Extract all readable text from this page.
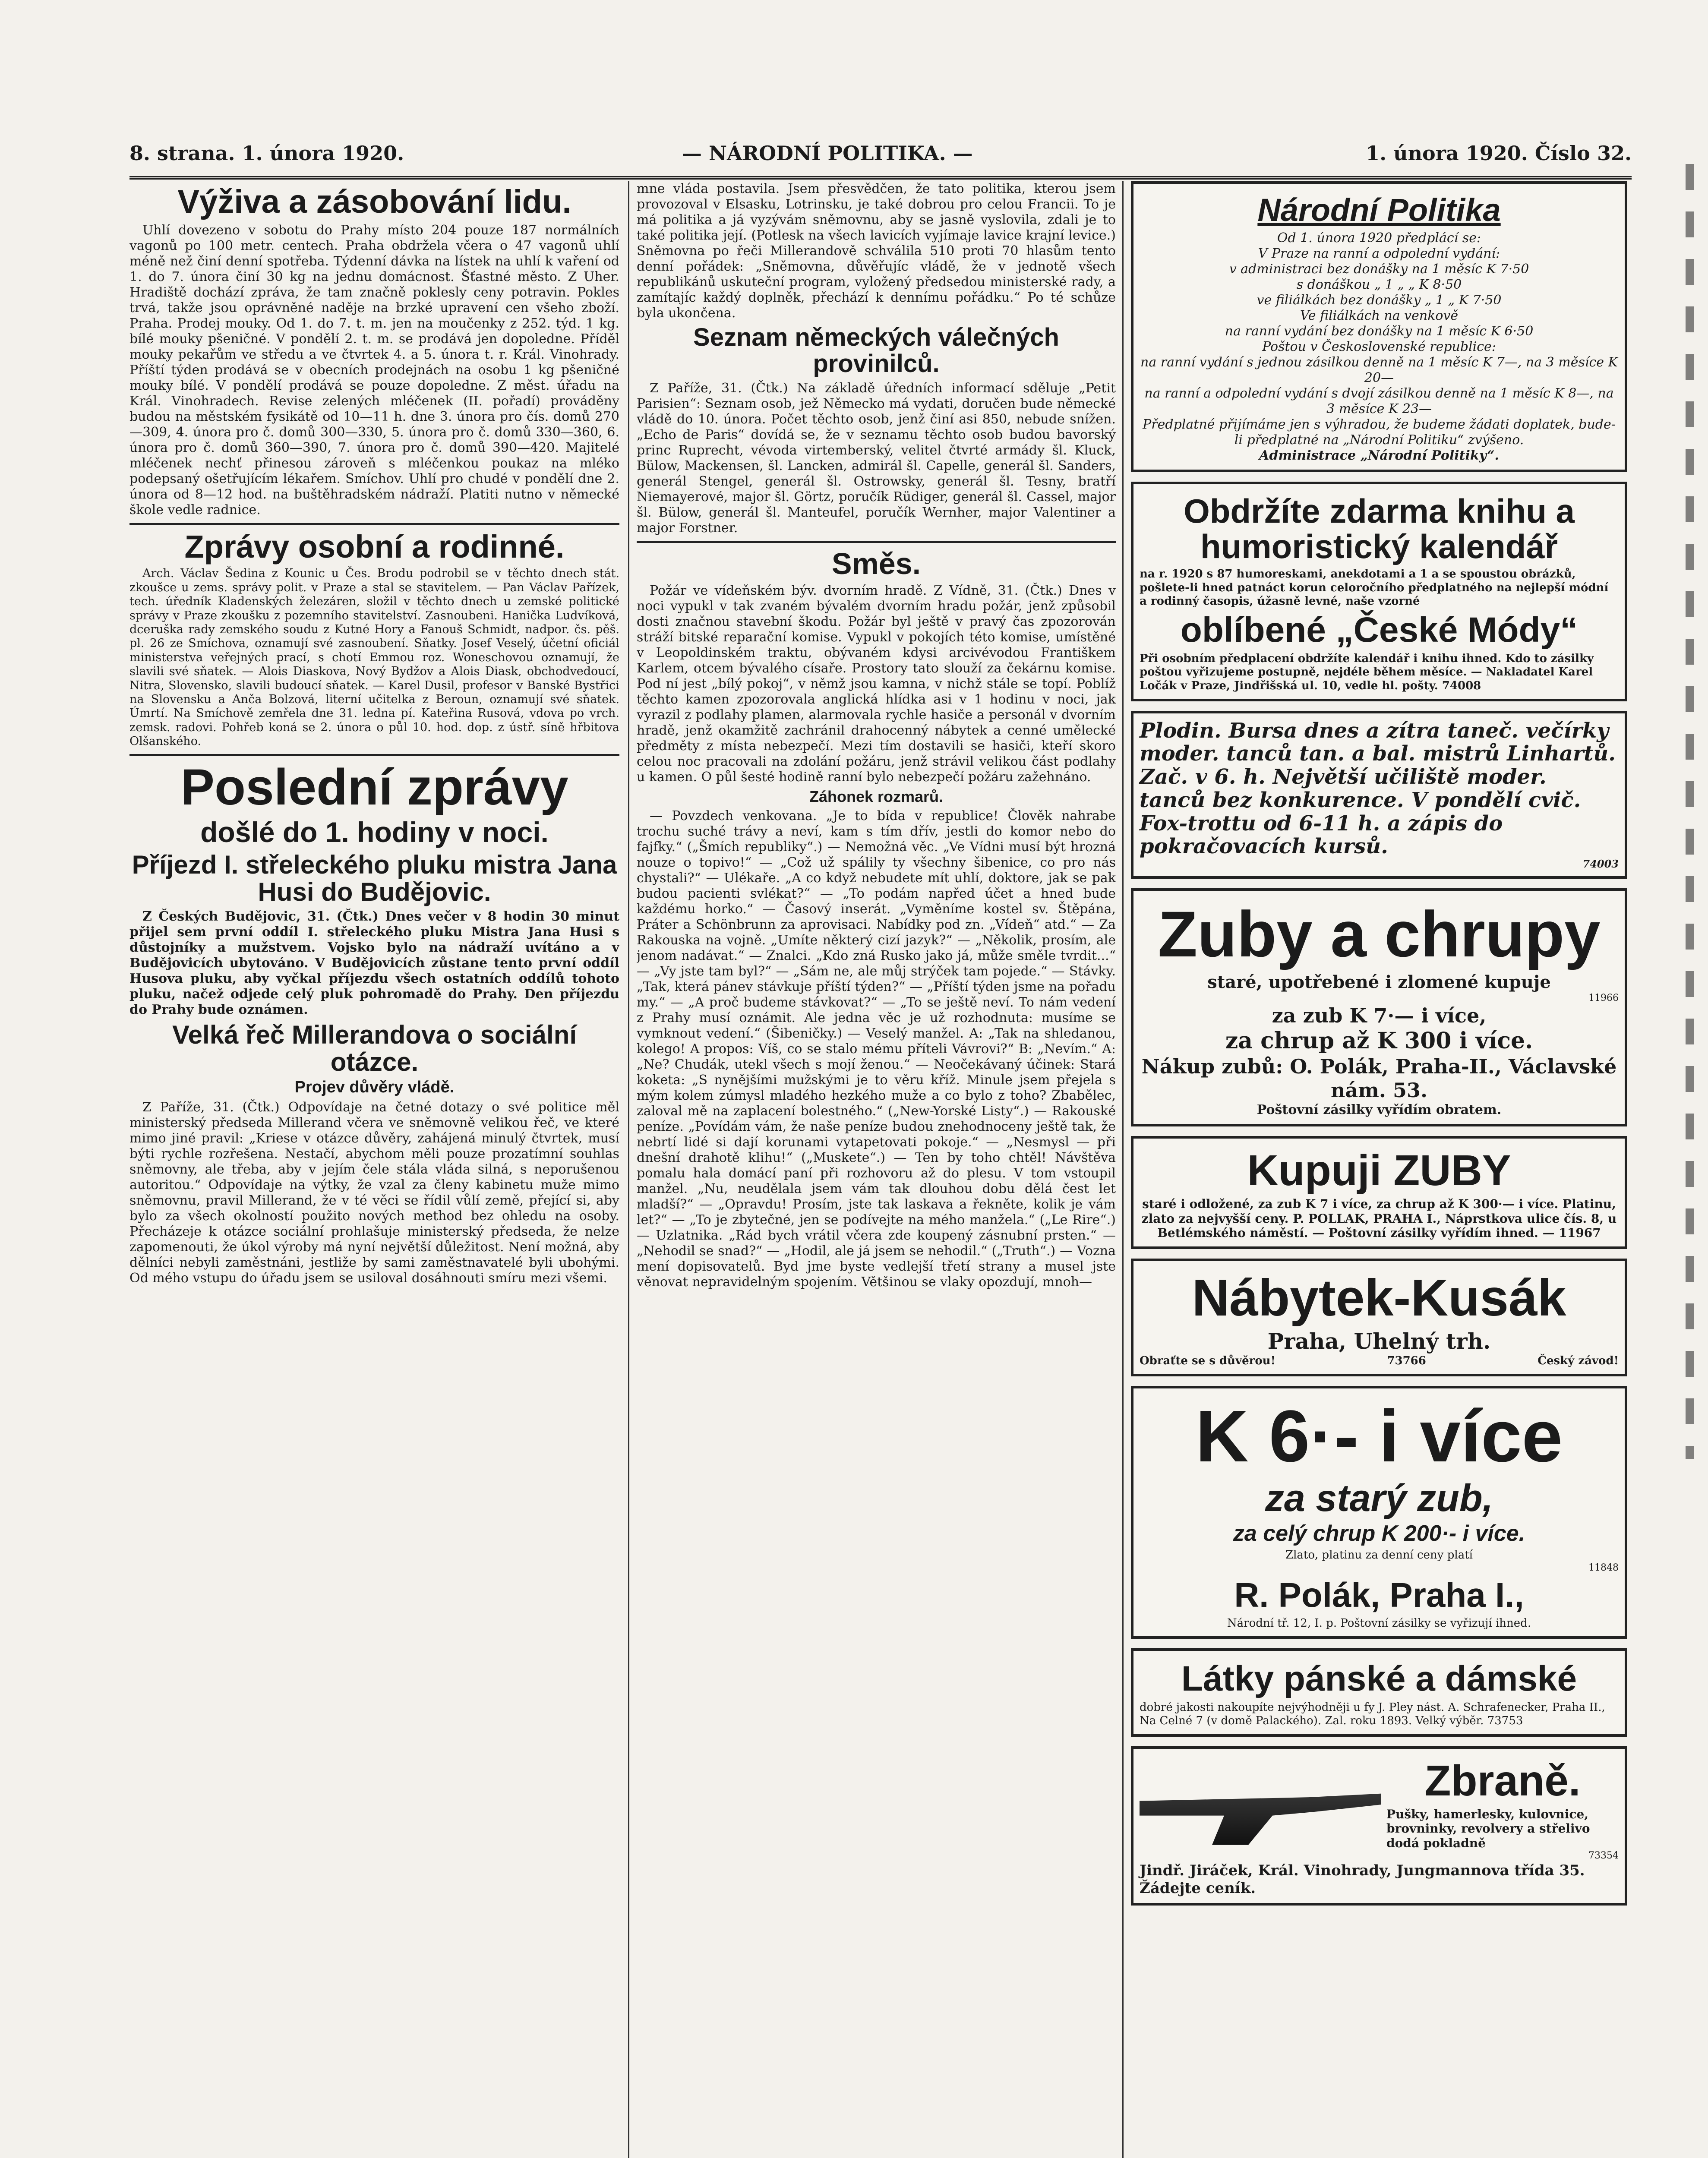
8. strana. 1. února 1920.	— NÁRODNÍ POLITIKA. —	1. února 1920. Číslo 32.
Výživa a zásobování lidu.

Uhlí dovezeno v sobotu do Prahy místo 204 pouze 187 normálních vagonů po 100 metr. centech. Praha obdržela včera o 47 vagonů uhlí méně než činí denní spotřeba. Týdenní dávka na lístek na uhlí k vaření od 1. do 7. února činí 30 kg na jednu domácnost. Šťastné město. Z Uher. Hradiště dochází zpráva, že tam značně poklesly ceny potravin. Pokles trvá, takže jsou oprávněné naděje na brzké upravení cen všeho zboží. Praha. Prodej mouky. Od 1. do 7. t. m. jen na moučenky z 252. týd. 1 kg. bílé mouky pšeničné. V pondělí 2. t. m. se prodává jen dopoledne. Příděl mouky pekařům ve středu a ve čtvrtek 4. a 5. února t. r. Král. Vinohrady. Příští týden prodává se v obecních prodejnách na osobu 1 kg pšeničné mouky bílé. V pondělí prodává se pouze dopoledne. Z měst. úřadu na Král. Vinohradech. Revise zelených mléčenek (II. pořadí) prováděny budou na městském fysikátě od 10—11 h. dne 3. února pro čís. domů 270—309, 4. února pro č. domů 300—330, 5. února pro č. domů 330—360, 6. února pro č. domů 360—390, 7. února pro č. domů 390—420. Majitelé mléčenek nechť přinesou zároveň s mléčenkou poukaz na mléko podepsaný ošetřujícím lékařem. Smíchov. Uhlí pro chudé v pondělí dne 2. února od 8—12 hod. na buštěhradském nádraží. Platiti nutno v německé škole vedle radnice.

Zprávy osobní a rodinné.

Arch. Václav Šedina z Kounic u Čes. Brodu podrobil se v těchto dnech stát. zkoušce u zems. správy polit. v Praze a stal se stavitelem. — Pan Václav Pařízek, tech. úředník Kladenských železáren, složil v těchto dnech u zemské politické správy v Praze zkoušku z pozemního stavitelství. Zasnoubeni. Hanička Ludvíková, dceruška rady zemského soudu z Kutné Hory a Fanouš Schmidt, nadpor. čs. pěš. pl. 26 ze Smíchova, oznamují své zasnoubení. Sňatky. Josef Veselý, účetní oficiál ministerstva veřejných prací, s chotí Emmou roz. Woneschovou oznamují, že slavili své sňatek. — Alois Diaskova, Nový Bydžov a Alois Diask, obchodvedoucí, Nitra, Slovensko, slavili budoucí sňatek. — Karel Dusil, profesor v Banské Bystřici na Slovensku a Anča Bolzová, literní učitelka z Beroun, oznamují své sňatek. Úmrtí. Na Smíchově zemřela dne 31. ledna pí. Kateřina Rusová, vdova po vrch. zemsk. radovi. Pohřeb koná se 2. února o půl 10. hod. dop. z ústř. síně hřbitova Olšanského.

Poslední zprávy
došlé do 1. hodiny v noci.
Příjezd I. střeleckého pluku mistra Jana Husi do Budějovic.

Z Českých Budějovic, 31. (Čtk.) Dnes večer v 8 hodin 30 minut přijel sem první oddíl I. střeleckého pluku Mistra Jana Husi s důstojníky a mužstvem. Vojsko bylo na nádraží uvítáno a v Budějovicích ubytováno. V Budějovicích zůstane tento první oddíl Husova pluku, aby vyčkal příjezdu všech ostatních oddílů tohoto pluku, načež odjede celý pluk pohromadě do Prahy. Den příjezdu do Prahy bude oznámen.

Velká řeč Millerandova o sociální otázce.
Projev důvěry vládě.

Z Paříže, 31. (Čtk.) Odpovídaje na četné dotazy o své politice měl ministerský předseda Millerand včera ve sněmovně velikou řeč, ve které mimo jiné pravil: „Kriese v otázce důvěry, zahájená minulý čtvrtek, musí býti rychle rozřešena. Nestačí, abychom měli pouze prozatímní souhlas sněmovny, ale třeba, aby v jejím čele stála vláda silná, s neporušenou autoritou.“ Odpovídaje na výtky, že vzal za členy kabinetu muže mimo sněmovnu, pravil Millerand, že v té věci se řídil vůlí země, přející si, aby bylo za všech okolností použito nových method bez ohledu na osoby. Přecházeje k otázce sociální prohlašuje ministerský předseda, že nelze zapomenouti, že úkol výroby má nyní největší důležitost. Není možná, aby dělníci nebyli zaměstnáni, jestliže by sami zaměstnavatelé byli ubohými. Od mého vstupu do úřadu jsem se usiloval dosáhnouti smíru mezi všemi.

mne vláda postavila. Jsem přesvědčen, že tato politika, kterou jsem provozoval v Elsasku, Lotrinsku, je také dobrou pro celou Francii. To je má politika a já vyzývám sněmovnu, aby se jasně vyslovila, zdali je to také politika její. (Potlesk na všech lavicích vyjímaje lavice krajní levice.) Sněmovna po řeči Millerandově schválila 510 proti 70 hlasům tento denní pořádek: „Sněmovna, důvěřujíc vládě, že v jednotě všech republikánů uskuteční program, vyložený předsedou ministerské rady, a zamítajíc každý doplněk, přechází k dennímu pořádku.“ Po té schůze byla ukončena.

Seznam německých válečných provinilců.

Z Paříže, 31. (Čtk.) Na základě úředních informací sděluje „Petit Parisien“: Seznam osob, jež Německo má vydati, doručen bude německé vládě do 10. února. Počet těchto osob, jenž činí asi 850, nebude snížen. „Echo de Paris“ dovídá se, že v seznamu těchto osob budou bavorský princ Ruprecht, vévoda virtemberský, velitel čtvrté armády šl. Kluck, Bülow, Mackensen, šl. Lancken, admirál šl. Capelle, generál šl. Sanders, generál Stengel, generál šl. Ostrowsky, generál šl. Tesny, bratří Niemayerové, major šl. Görtz, poručík Rüdiger, generál šl. Cassel, major šl. Bülow, generál šl. Manteufel, poručík Wernher, major Valentiner a major Forstner.

Směs.

Požár ve vídeňském býv. dvorním hradě. Z Vídně, 31. (Čtk.) Dnes v noci vypukl v tak zvaném bývalém dvorním hradu požár, jenž způsobil dosti značnou stavební škodu. Požár byl ještě v pravý čas zpozorován stráží bitské reparační komise. Vypukl v pokojích této komise, umístěné v Leopoldinském traktu, obývaném kdysi arcivévodou Františkem Karlem, otcem bývalého císaře. Prostory tato slouží za čekárnu komise. Pod ní jest „bílý pokoj“, v němž jsou kamna, v nichž stále se topí. Poblíž těchto kamen zpozorovala anglická hlídka asi v 1 hodinu v noci, jak vyrazil z podlahy plamen, alarmovala rychle hasiče a personál v dvorním hradě, jenž okamžitě zachránil drahocenný nábytek a cenné umělecké předměty z místa nebezpečí. Mezi tím dostavili se hasiči, kteří skoro celou noc pracovali na zdolání požáru, jenž strávil velikou část podlahy u kamen. O půl šesté hodině ranní bylo nebezpečí požáru zažehnáno.

Záhonek rozmarů.

— Povzdech venkovana. „Je to bída v republice! Člověk nahrabe trochu suché trávy a neví, kam s tím dřív, jestli do komor nebo do fajfky.“ („Šmích republiky“.) — Nemožná věc. „Ve Vídni musí být hrozná nouze o topivo!“ — „Což už spálily ty všechny šibenice, co pro nás chystali?“ — Ulékaře. „A co když nebudete mít uhlí, doktore, jak se pak budou pacienti svlékat?“ — „To podám napřed účet a hned bude každému horko.“ — Časový inserát. „Vyměníme kostel sv. Štěpána, Práter a Schönbrunn za aprovisaci. Nabídky pod zn. „Vídeň“ atd.“ — Za Rakouska na vojně. „Umíte některý cizí jazyk?“ — „Několik, prosím, ale jenom nadávat.“ — Znalci. „Kdo zná Rusko jako já, může směle tvrdit...“ — „Vy jste tam byl?“ — „Sám ne, ale můj strýček tam pojede.“ — Stávky. „Tak, která pánev stávkuje příští týden?“ — „Příští týden jsme na pořadu my.“ — „A proč budeme stávkovat?“ — „To se ještě neví. To nám vedení z Prahy musí oznámit. Ale jedna věc je už rozhodnuta: musíme se vymknout vedení.“ (Šibeničky.) — Veselý manžel. A: „Tak na shledanou, kolego! A propos: Víš, co se stalo mému příteli Vávrovi?“ B: „Nevím.“ A: „Ne? Chudák, utekl všech s mojí ženou.“ — Neočekávaný účinek: Stará koketa: „S nynějšími mužskými je to věru kříž. Minule jsem přejela s mým kolem zúmysl mladého hezkého muže a co bylo z toho? Zbabělec, zaloval mě na zaplacení bolestného.“ („New-Yorské Listy“.) — Rakouské peníze. „Povídám vám, že naše peníze budou znehodnoceny ještě tak, že nebrtí lidé si dají korunami vytapetovati pokoje.“ — „Nesmysl — při dnešní drahotě klihu!“ („Muskete“.) — Ten by toho chtěl! Návštěva pomalu hala domácí paní při rozhovoru až do plesu. V tom vstoupil manžel. „Nu, neudělala jsem vám tak dlouhou dobu dělá čest let mladší?“ — „Opravdu! Prosím, jste tak laskava a řekněte, kolik je vám let?“ — „To je zbytečné, jen se podívejte na mého manžela.“ („Le Rire“.) — Uzlatnika. „Rád bych vrátil včera zde koupený zásnubní prsten.“ — „Nehodil se snad?“ — „Hodil, ale já jsem se nehodil.“ („Truth“.) — Vozna mení dopisovatelů. Byd jme byste vedlejší třetí strany a musel jste věnovat nepravidelným spojením. Většinou se vlaky opozdují, mnoh—

Národní Politika
Od 1. února 1920 předplácí se:
V Praze na ranní a odpolední vydání:
v administraci bez donášky na 1 měsíc K 7·50
s donáškou „ 1 „ „ K 8·50
ve filiálkách bez donášky „ 1 „ K 7·50
Ve filiálkách na venkově
na ranní vydání bez donášky na 1 měsíc K 6·50
Poštou v Československé republice:
na ranní vydání s jednou zásilkou denně na 1 měsíc K 7—, na 3 měsíce K 20—
na ranní a odpolední vydání s dvojí zásilkou denně na 1 měsíc K 8—, na 3 měsíce K 23—
Předplatné přijímáme jen s výhradou, že budeme žádati doplatek, bude-li předplatné na „Národní Politiku“ zvýšeno.
Administrace „Národní Politiky“.
Obdržíte zdarma knihu a humoristický kalendář
na r. 1920 s 87 humoreskami, anekdotami a 1 a se spoustou obrázků, pošlete-li hned patnáct korun celoročního předplatného na nejlepší módní a rodinný časopis, úžasně levné, naše vzorné
oblíbené „České Módy“
Při osobním předplacení obdržíte kalendář i knihu ihned. Kdo to zásilky poštou vyřizujeme postupně, nejdéle během měsíce. — Nakladatel Karel Ločák v Praze, Jindřišská ul. 10, vedle hl. pošty. 74008
Plodin. Bursa dnes a zítra taneč. večírky moder. tanců tan. a bal. mistrů Linhartů. Zač. v 6. h. Největší učiliště moder. tanců bez konkurence. V pondělí cvič. Fox-trottu od 6-11 h. a zápis do pokračovacích kursů.
74003
Zuby a chrupy
staré, upotřebené i zlomené kupuje
11966
za zub K 7·— i více,
za chrup až K 300 i více.
Nákup zubů: O. Polák, Praha-II., Václavské nám. 53.
Poštovní zásilky vyřídím obratem.
Kupuji ZUBY
staré i odložené, za zub K 7 i více, za chrup až K 300·— i více. Platinu, zlato za nejvyšší ceny. P. POLLAK, PRAHA I., Náprstkova ulice čís. 8, u Betlémského náměstí. — Poštovní zásilky vyřídím ihned. — 11967
Nábytek-Kusák
Praha, Uhelný trh.
Obraťte se s důvěrou!	73766	Český závod!
K 6·- i více
za starý zub,
za celý chrup K 200·- i více.
Zlato, platinu za denní ceny platí
11848
R. Polák, Praha I.,
Národní tř. 12, I. p. Poštovní zásilky se vyřizují ihned.
Látky pánské a dámské
dobré jakosti nakoupíte nejvýhodněji u fy J. Pley nást. A. Schrafenecker, Praha II., Na Celné 7 (v domě Palackého). Zal. roku 1893. Velký výběr. 73753
Zbraně.
Pušky, hamerlesky, kulovnice, brovninky, revolvery a střelivo dodá pokladně
73354
Jindř. Jiráček, Král. Vinohrady, Jungmannova třída 35. Žádejte ceník.
